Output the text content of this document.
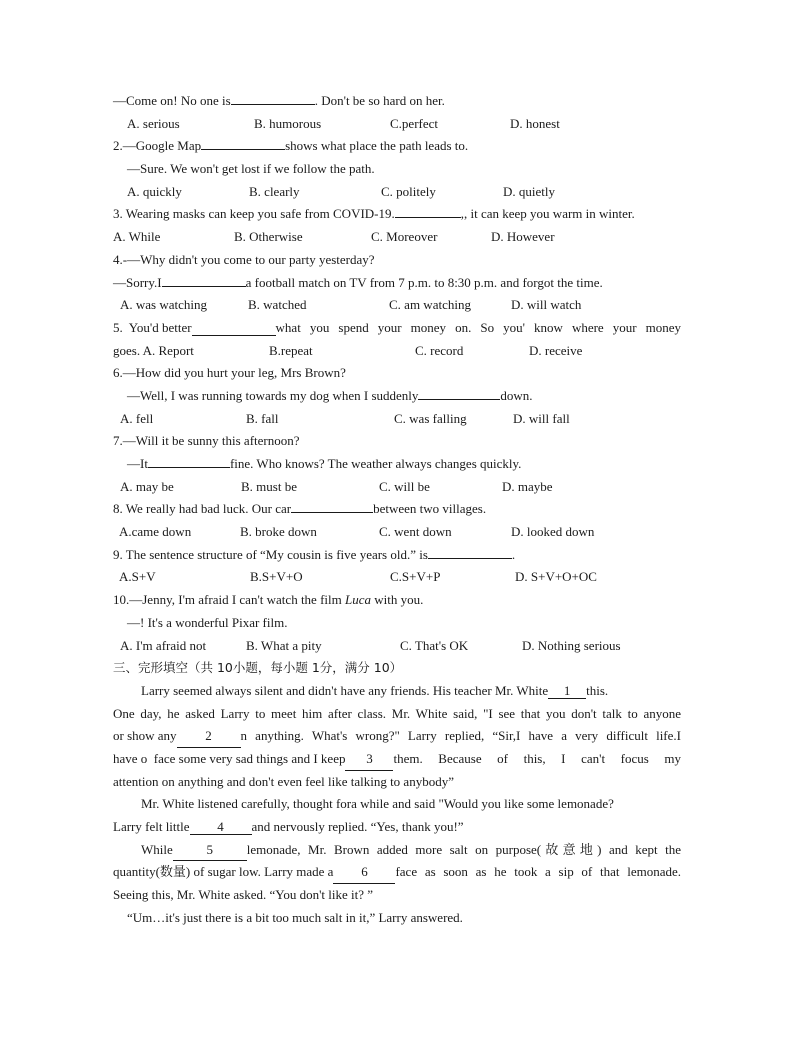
—Come on! No one is	. Don't be so hard on her.
A. serious	B. humorous	C.perfect	D. honest
2.—Google Map	shows what place the path leads to.
—Sure. We won't get lost if we follow the path.
A. quickly	B. clearly	C. politely	D. quietly
3. Wearing masks can keep you safe from COVID-19.	,, it can keep you warm in winter.
A. While	B. Otherwise	C. Moreover	D. However
4.-—Why didn't you come to our party yesterday?
—Sorry.I	a football match on TV from 7 p.m. to 8:30 p.m. and forgot the time.
A. was watching	B. watched	C. am watching	D. will watch
5.  You'd better	what you spend your money on. So you' know where your money
goes. A. Report	B.repeat	C. record	D. receive
6.—How did you hurt your leg, Mrs Brown?
—Well, I was running towards my dog when I suddenly	down.
A. fell	B. fall	C. was falling	D. will fall
7.—Will it be sunny this afternoon?
—It	fine. Who knows? The weather always changes quickly.
A. may be	B. must be	C. will be	D. maybe
8. We really had bad luck. Our car	between two villages.
A.came down	B. broke down	C. went down	D. looked down
9. The sentence structure of “My cousin is five years old.” is	.
A.S+V	B.S+V+O	C.S+V+P	D. S+V+O+OC
10.—Jenny, I'm afraid I can't watch the film Luca with you.
—! It's a wonderful Pixar film.
A. I'm afraid not	B. What a pity	C. That's OK	D. Nothing serious
三、完形填空（共 10小题，每小题 1分，满分 10）
Larry seemed always silent and didn't have any friends. His teacher Mr. White 1 this.
One day, he asked Larry to meet him after class. Mr. White said, "I see that you don't talk to anyone
or show any	2	n anything. What's wrong?" Larry replied, “Sir,I have a very difficult life.I
have o  face some very sad things and I keep	3	them. Because of this, I can't focus my
attention on anything and don't even feel like talking to anybody”
Mr. White listened carefully, thought fora while and said "Would you like some lemonade?
Larry felt little 4 and nervously replied. “Yes, thank you!”
While	5	lemonade, Mr. Brown added more salt on purpose(故意地) and kept the
quantity(数量) of sugar low. Larry made a	6	face as soon as he took a sip of that lemonade.
Seeing this, Mr. White asked. “You don't like it? ”
“Um…it's just there is a bit too much salt in it,” Larry answered.
